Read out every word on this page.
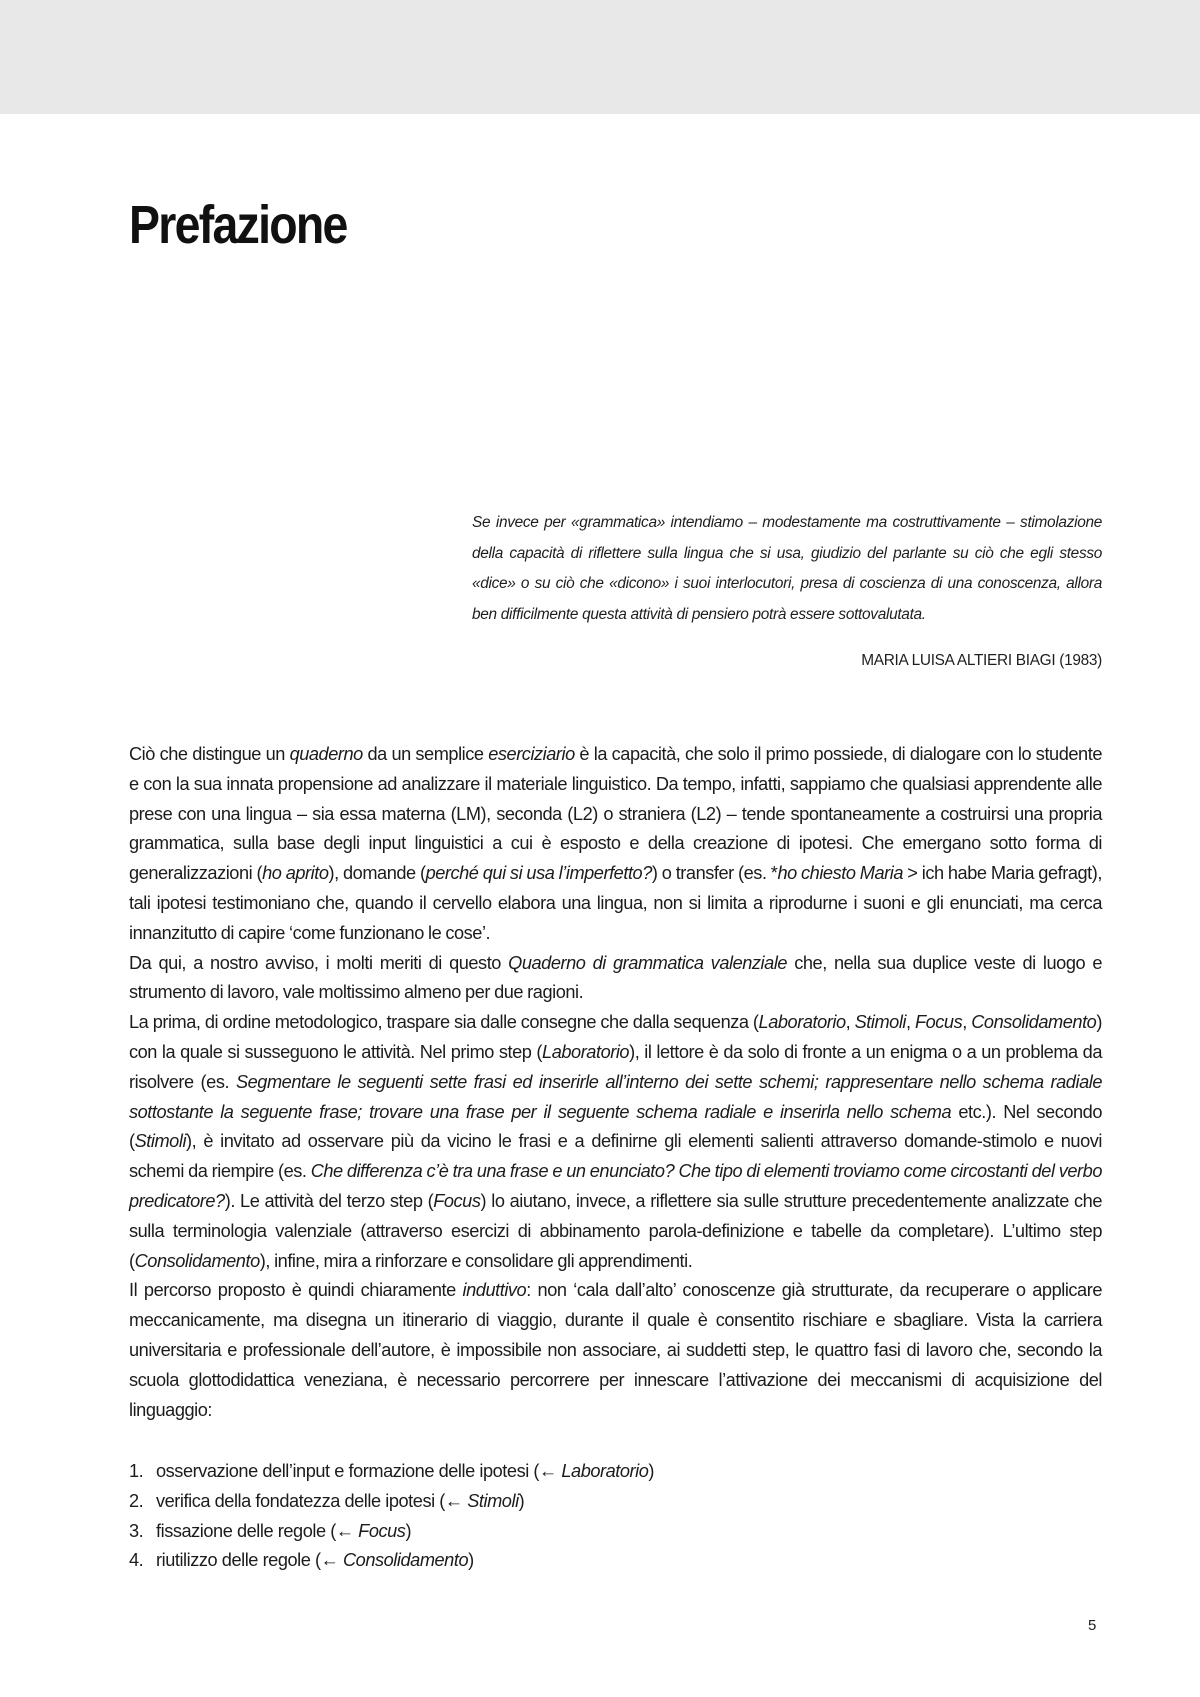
Prefazione

Se invece per «grammatica» intendiamo – modestamente ma costruttivamente – stimolazione della capacità di riflettere sulla lingua che si usa, giudizio del parlante su ciò che egli stesso «dice» o su ciò che «dicono» i suoi interlocutori, presa di coscienza di una conoscenza, allora ben difficilmente questa attività di pensiero potrà essere sottovalutata.

MARIA LUISA ALTIERI BIAGI (1983)

Ciò che distingue un quaderno da un semplice eserciziario è la capacità, che solo il primo possiede, di dialogare con lo studente e con la sua innata propensione ad analizzare il materiale linguistico. Da tempo, infatti, sappiamo che qualsiasi apprendente alle prese con una lingua – sia essa materna (LM), seconda (L2) o straniera (L2) – tende spontaneamente a costruirsi una propria grammatica, sulla base degli input linguistici a cui è esposto e della creazione di ipotesi. Che emergano sotto forma di generalizzazioni (ho aprito), domande (perché qui si usa l’imperfetto?) o transfer (es. *ho chiesto Maria > ich habe Maria gefragt), tali ipotesi testimoniano che, quando il cervello elabora una lingua, non si limita a riprodurne i suoni e gli enunciati, ma cerca innanzitutto di capire ‘come funzionano le cose’.

Da qui, a nostro avviso, i molti meriti di questo Quaderno di grammatica valenziale che, nella sua duplice veste di luogo e strumento di lavoro, vale moltissimo almeno per due ragioni.

La prima, di ordine metodologico, traspare sia dalle consegne che dalla sequenza (Laboratorio, Stimoli, Focus, Consolidamento) con la quale si susseguono le attività. Nel primo step (Laboratorio), il lettore è da solo di fronte a un enigma o a un problema da risolvere (es. Segmentare le seguenti sette frasi ed inserirle all’interno dei sette schemi; rappresentare nello schema radiale sottostante la seguente frase; trovare una frase per il seguente schema radiale e inserirla nello schema etc.). Nel secondo (Stimoli), è invitato ad osservare più da vicino le frasi e a definirne gli elementi salienti attraverso domande-stimolo e nuovi schemi da riempire (es. Che differenza c’è tra una frase e un enunciato? Che tipo di elementi troviamo come circostanti del verbo predicatore?). Le attività del terzo step (Focus) lo aiutano, invece, a riflettere sia sulle strutture precedentemente analizzate che sulla terminologia valenziale (attraverso esercizi di abbinamento parola-definizione e tabelle da completare). L’ultimo step (Consolidamento), infine, mira a rinforzare e consolidare gli apprendimenti.

Il percorso proposto è quindi chiaramente induttivo: non ‘cala dall’alto’ conoscenze già strutturate, da recuperare o applicare meccanicamente, ma disegna un itinerario di viaggio, durante il quale è consentito rischiare e sbagliare. Vista la carriera universitaria e professionale dell’autore, è impossibile non associare, ai suddetti step, le quattro fasi di lavoro che, secondo la scuola glottodidattica veneziana, è necessario percorrere per innescare l’attivazione dei meccanismi di acquisizione del linguaggio:

1. osservazione dell’input e formazione delle ipotesi (← Laboratorio)
2. verifica della fondatezza delle ipotesi (← Stimoli)
3. fissazione delle regole (← Focus)
4. riutilizzo delle regole (← Consolidamento)
5
